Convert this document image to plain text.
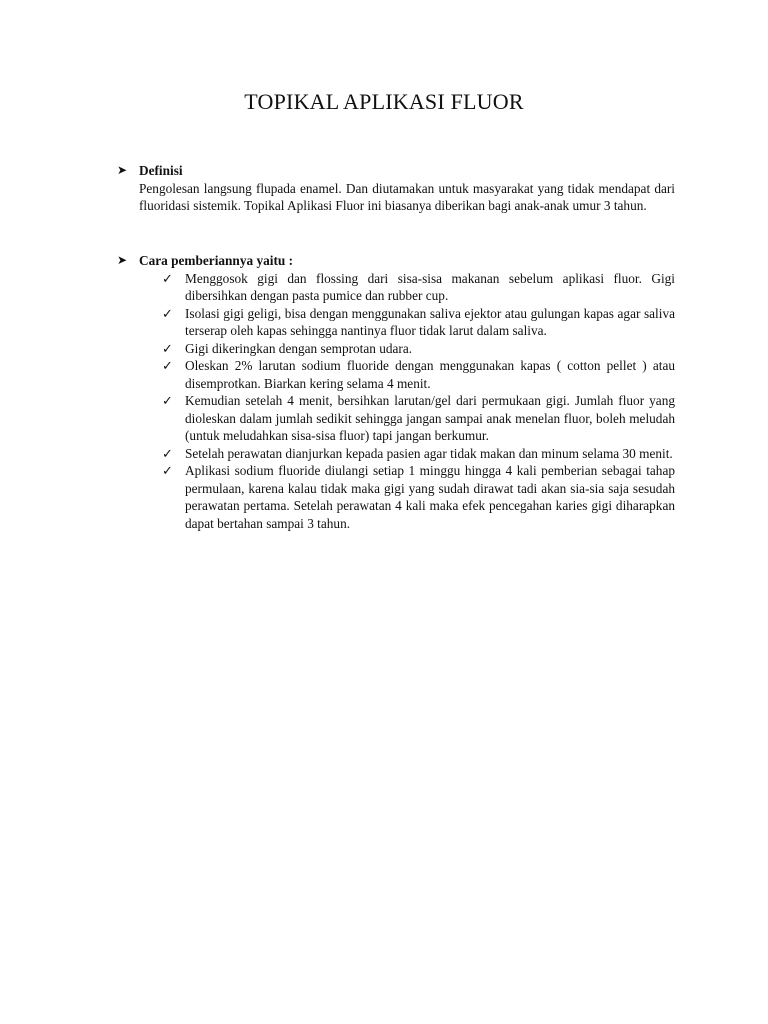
TOPIKAL APLIKASI FLUOR
➤ Definisi
Pengolesan langsung flupada enamel. Dan diutamakan untuk masyarakat yang tidak mendapat dari fluoridasi sistemik. Topikal Aplikasi Fluor ini biasanya diberikan bagi anak-anak umur 3 tahun.
➤ Cara pemberiannya yaitu :
✓ Menggosok gigi dan flossing dari sisa-sisa makanan sebelum aplikasi fluor. Gigi dibersihkan dengan pasta pumice dan rubber cup.
✓ Isolasi gigi geligi, bisa dengan menggunakan saliva ejektor atau gulungan kapas agar saliva terserap oleh kapas sehingga nantinya fluor tidak larut dalam saliva.
✓ Gigi dikeringkan dengan semprotan udara.
✓ Oleskan 2% larutan sodium fluoride dengan menggunakan kapas ( cotton pellet ) atau disemprotkan. Biarkan kering selama 4 menit.
✓ Kemudian setelah 4 menit, bersihkan larutan/gel dari permukaan gigi. Jumlah fluor yang dioleskan dalam jumlah sedikit sehingga jangan sampai anak menelan fluor, boleh meludah (untuk meludahkan sisa-sisa fluor) tapi jangan berkumur.
✓ Setelah perawatan dianjurkan kepada pasien agar tidak makan dan minum selama 30 menit.
✓ Aplikasi sodium fluoride diulangi setiap 1 minggu hingga 4 kali pemberian sebagai tahap permulaan, karena kalau tidak maka gigi yang sudah dirawat tadi akan sia-sia saja sesudah perawatan pertama. Setelah perawatan 4 kali maka efek pencegahan karies gigi diharapkan dapat bertahan sampai 3 tahun.
